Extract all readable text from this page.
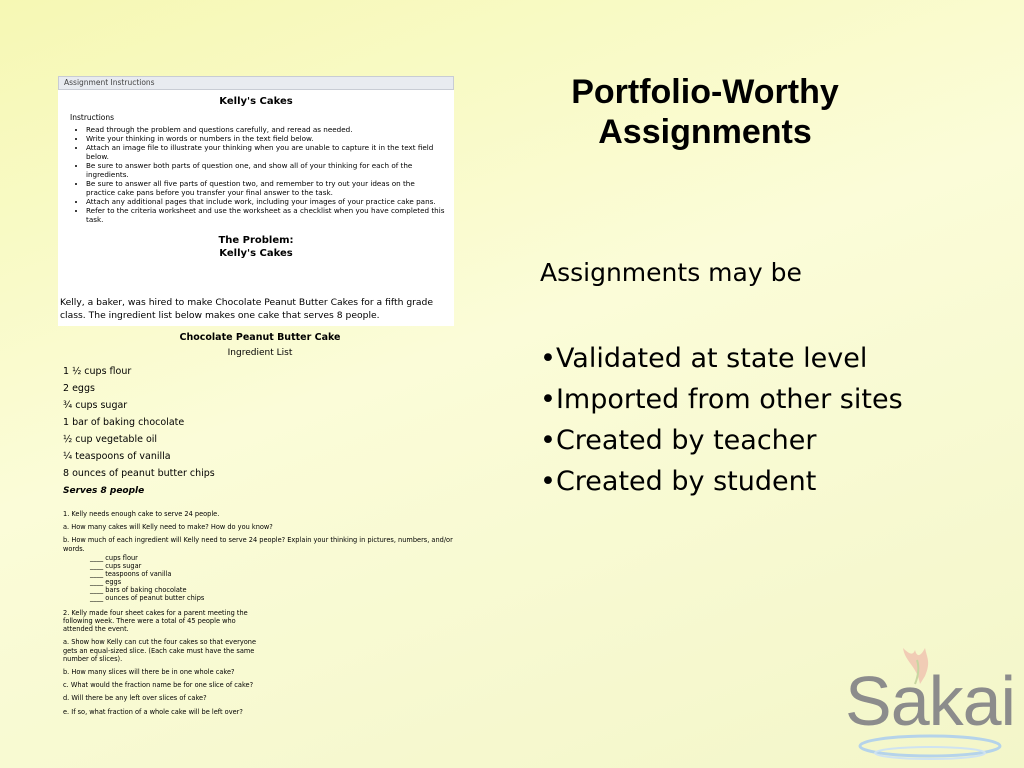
Portfolio-Worthy
Assignments
Assignments may be
• Validated at state level
• Imported from other sites
• Created by teacher
• Created by student
Assignment Instructions
Kelly's Cakes
Instructions
• Read through the problem and questions carefully, and reread as needed.
• Write your thinking in words or numbers in the text field below.
• Attach an image file to illustrate your thinking when you are unable to capture it in the text field below.
• Be sure to answer both parts of question one, and show all of your thinking for each of the ingredients.
• Be sure to answer all five parts of question two, and remember to try out your ideas on the practice cake pans before you transfer your final answer to the task.
• Attach any additional pages that include work, including your images of your practice cake pans.
• Refer to the criteria worksheet and use the worksheet as a checklist when you have completed this task.
The Problem:
Kelly's Cakes
Kelly, a baker, was hired to make Chocolate Peanut Butter Cakes for a fifth grade class. The ingredient list below makes one cake that serves 8 people.
Chocolate Peanut Butter Cake
Ingredient List
1 ½ cups flour
2 eggs
¾ cups sugar
1 bar of baking chocolate
½ cup vegetable oil
¼ teaspoons of vanilla
8 ounces of peanut butter chips
Serves 8 people
1. Kelly needs enough cake to serve 24 people.
a. How many cakes will Kelly need to make? How do you know?
b. How much of each ingredient will Kelly need to serve 24 people? Explain your thinking in pictures, numbers, and/or words.
____ cups flour
____ cups sugar
____ teaspoons of vanilla
____ eggs
____ bars of baking chocolate
____ ounces of peanut butter chips
2. Kelly made four sheet cakes for a parent meeting the following week. There were a total of 45 people who attended the event.
a. Show how Kelly can cut the four cakes so that everyone gets an equal-sized slice. (Each cake must have the same number of slices).
b. How many slices will there be in one whole cake?
c. What would the fraction name be for one slice of cake?
d. Will there be any left over slices of cake?
e. If so, what fraction of a whole cake will be left over?	Sakai
